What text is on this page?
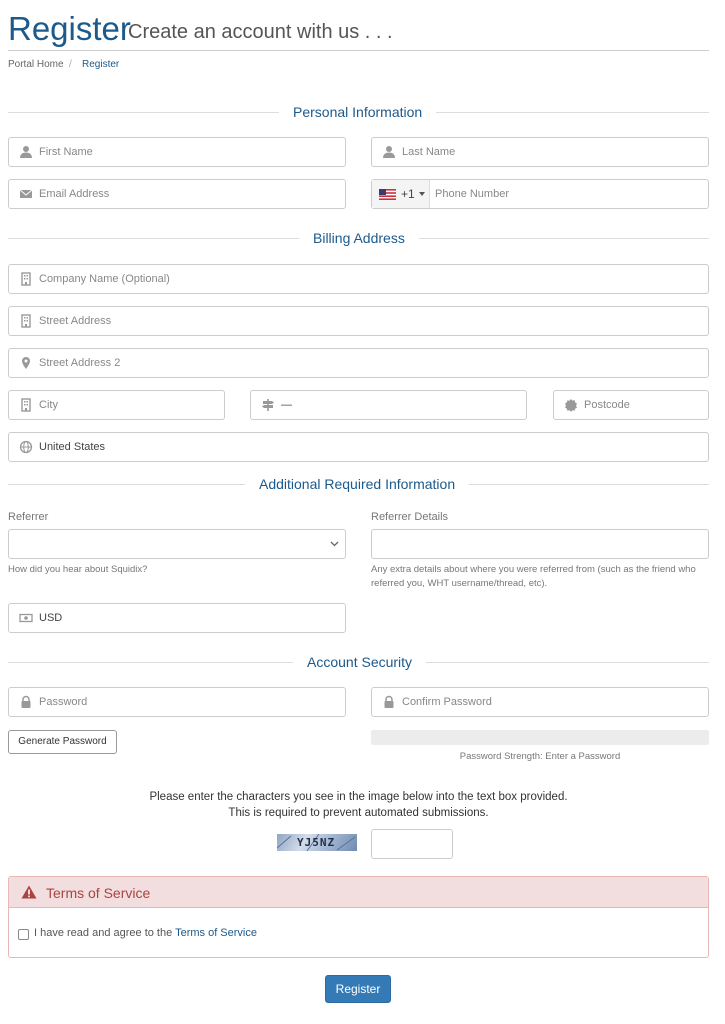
Register
Create an account with us . . .
Portal Home / Register
Personal Information
First Name	Last Name
Email Address	+1 Phone Number
Billing Address
Company Name (Optional)
Street Address
Street Address 2
City	—	Postcode
United States
Additional Required Information
Referrer
How did you hear about Squidix?
Referrer Details
Any extra details about where you were referred from (such as the friend who referred you, WHT username/thread, etc).
USD
Account Security
Password	Confirm Password
Generate Password
Password Strength: Enter a Password
Please enter the characters you see in the image below into the text box provided.
This is required to prevent automated submissions.
YJ5NZ
Terms of Service
I have read and agree to the Terms of Service
Register
